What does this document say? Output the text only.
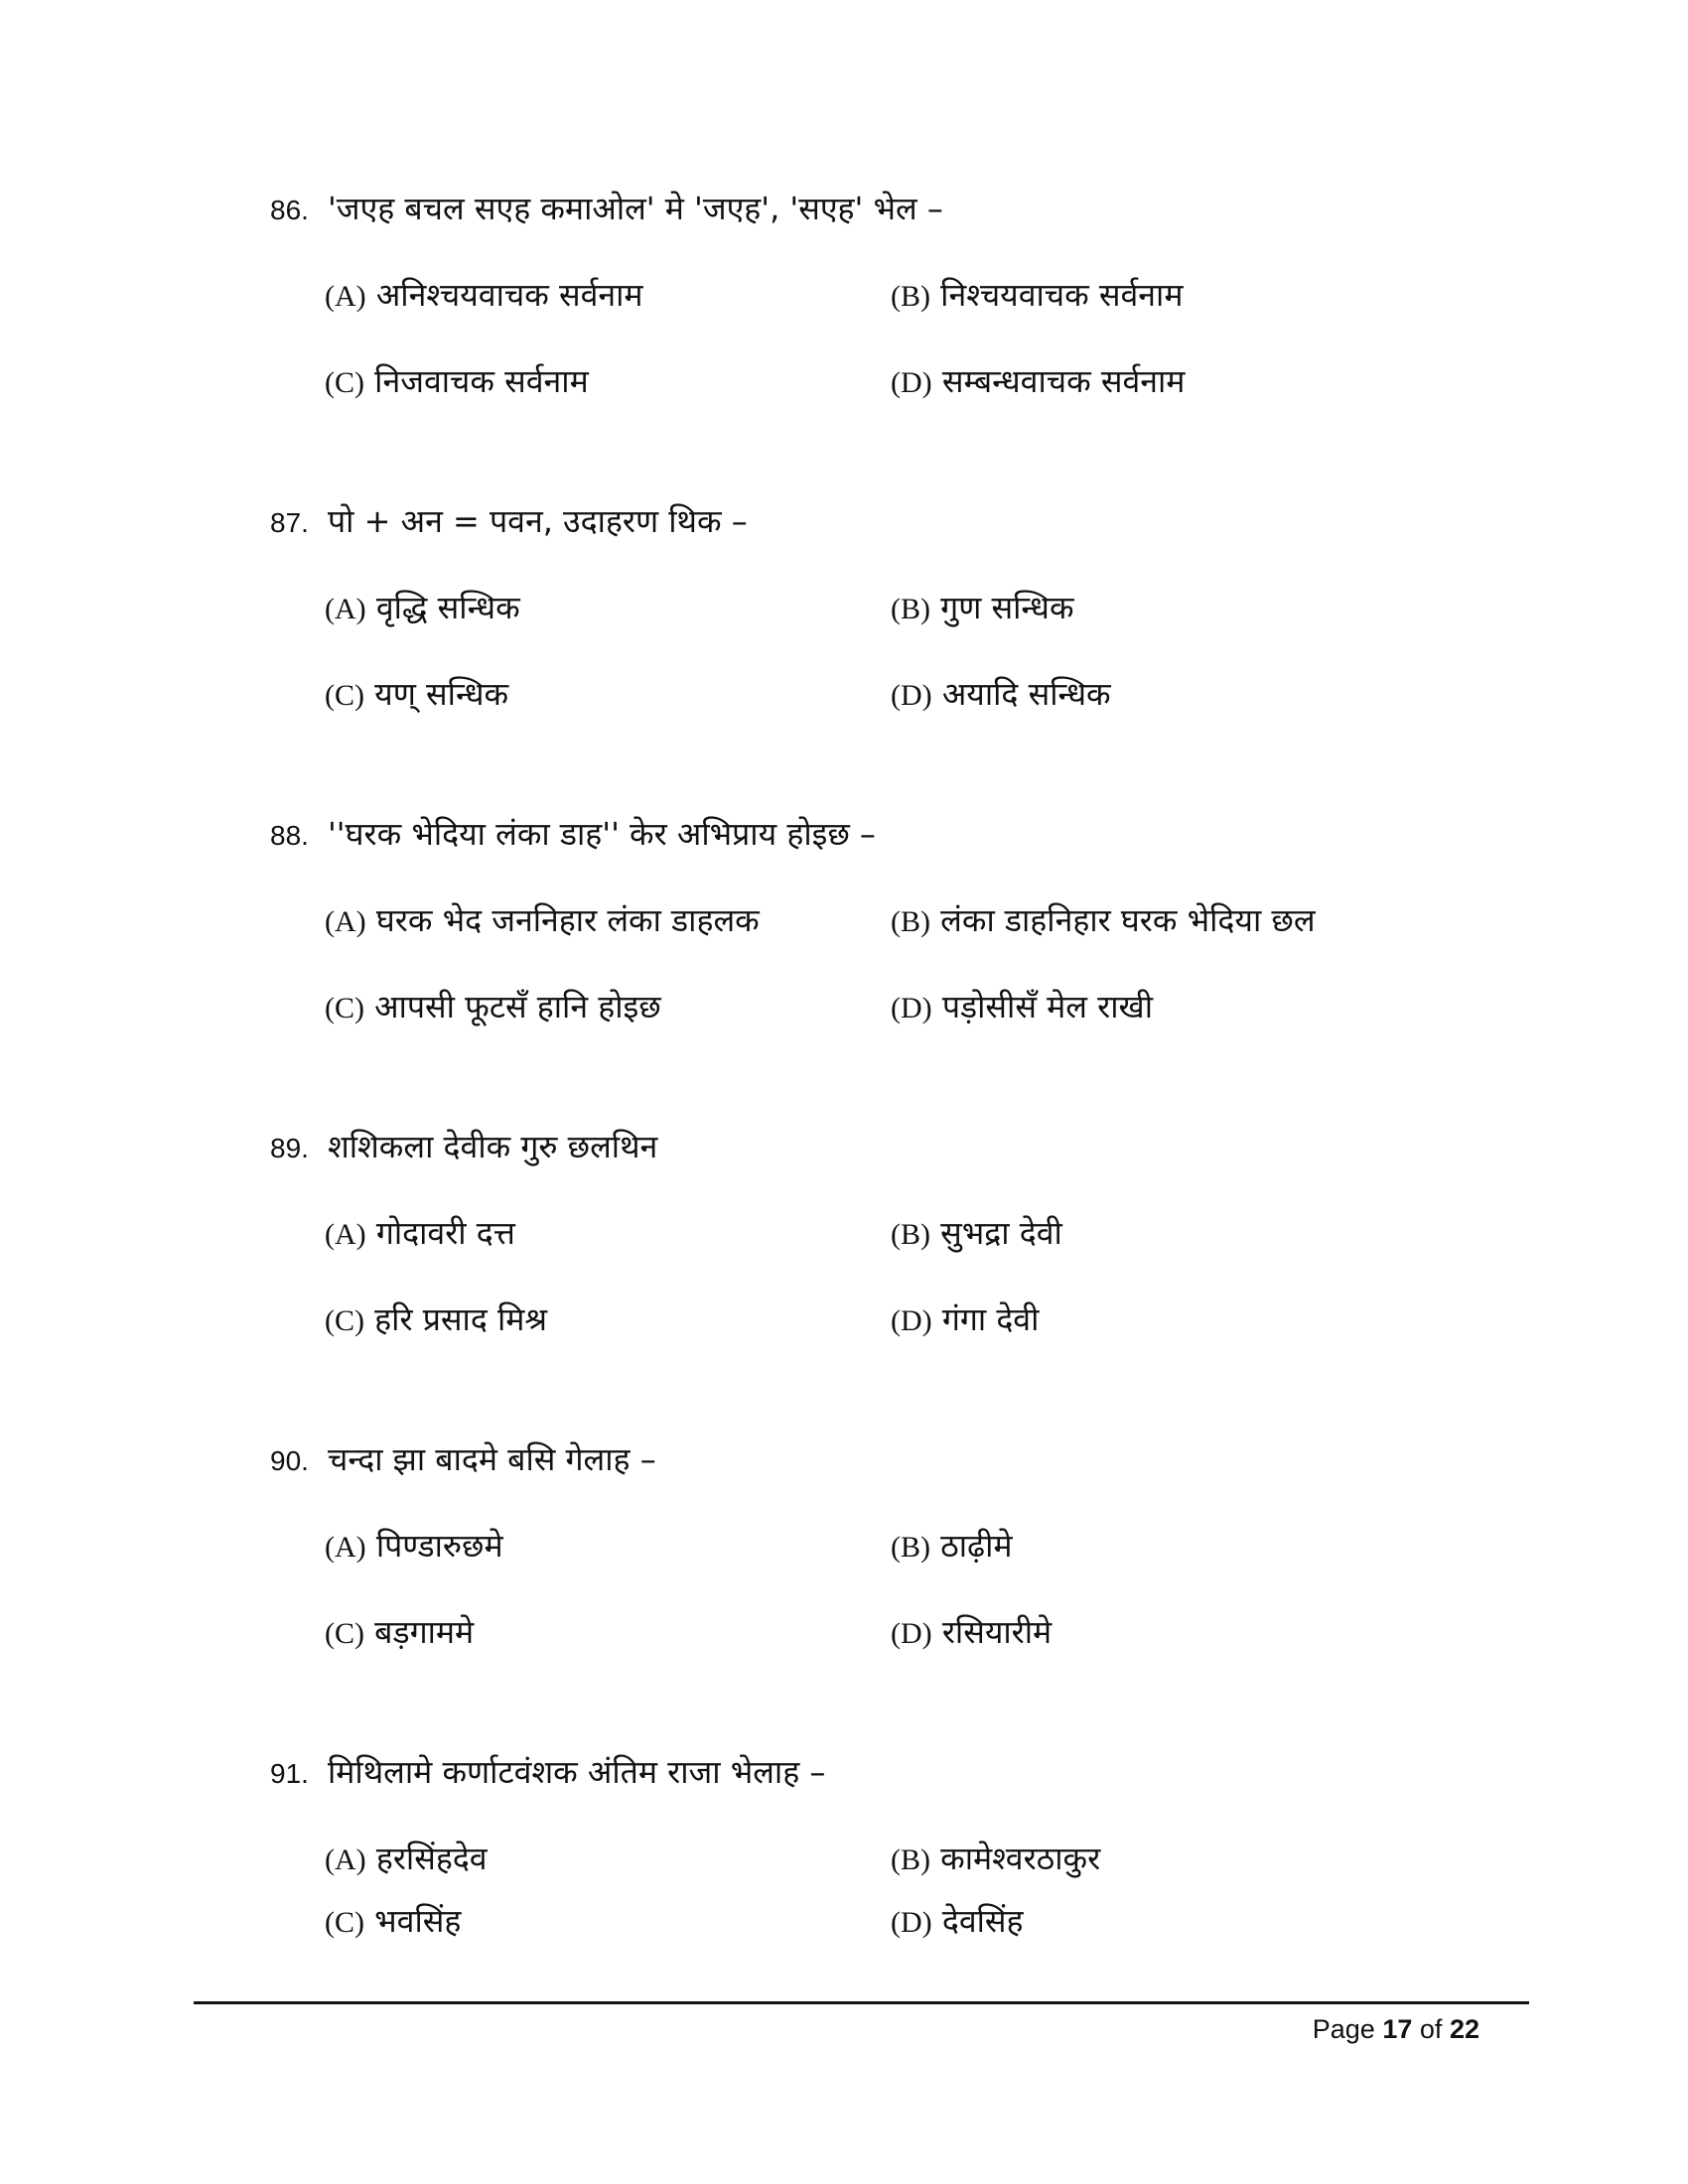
86. 'जएह बचल सएह कमाओल' मे 'जएह', 'सएह' भेल –
(A) अनिश्चयवाचक सर्वनाम	(B) निश्चयवाचक सर्वनाम
(C) निजवाचक सर्वनाम	(D) सम्बन्धवाचक सर्वनाम
87. पो + अन = पवन, उदाहरण थिक –
(A) वृद्धि सन्धिक	(B) गुण सन्धिक
(C) यण् सन्धिक	(D) अयादि सन्धिक
88. ''घरक भेदिया लंका डाह'' केर अभिप्राय होइछ –
(A) घरक भेद जननिहार लंका डाहलक	(B) लंका डाहनिहार घरक भेदिया छल
(C) आपसी फूटसँ हानि होइछ	(D) पड़ोसीसँ मेल राखी
89. शशिकला देवीक गुरु छलथिन
(A) गोदावरी दत्त	(B) सुभद्रा देवी
(C) हरि प्रसाद मिश्र	(D) गंगा देवी
90. चन्दा झा बादमे बसि गेलाह –
(A) पिण्डारुछमे	(B) ठाढ़ीमे
(C) बड़गाममे	(D) रसियारीमे
91. मिथिलामे कर्णाटवंशक अंतिम राजा भेलाह –
(A) हरसिंहदेव	(B) कामेश्वरठाकुर
(C) भवसिंह	(D) देवसिंह
Page 17 of 22
